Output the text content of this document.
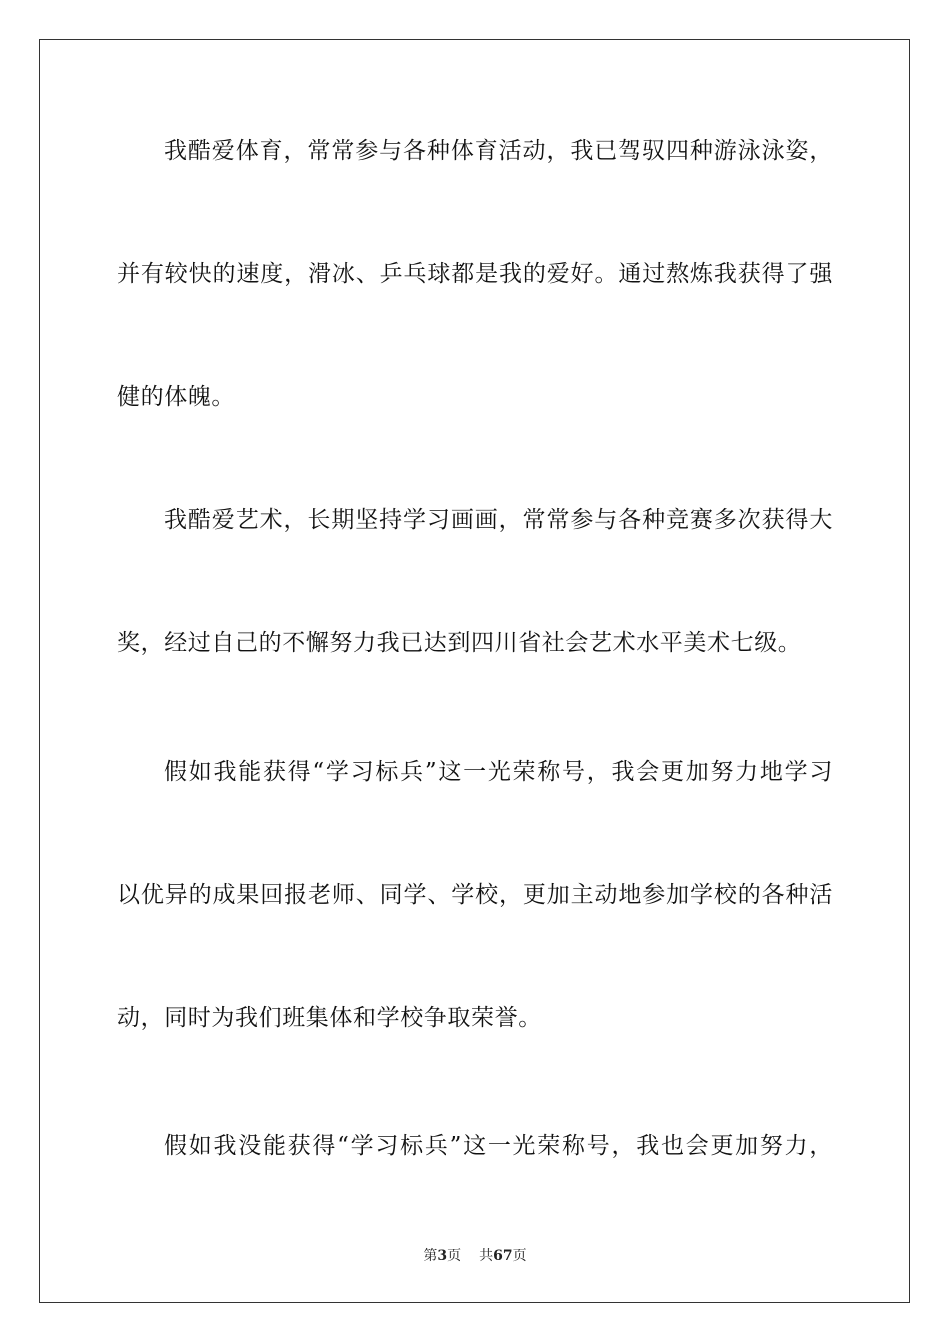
我酷爱体育，常常参与各种体育活动，我已驾驭四种游泳泳姿，
并有较快的速度，滑冰、乒乓球都是我的爱好。通过熬炼我获得了强
健的体魄。
我酷爱艺术，长期坚持学习画画，常常参与各种竞赛多次获得大
奖，经过自己的不懈努力我已达到四川省社会艺术水平美术七级。
假如我能获得“学习标兵”这一光荣称号，我会更加努力地学习
以优异的成果回报老师、同学、学校，更加主动地参加学校的各种活
动，同时为我们班集体和学校争取荣誉。
假如我没能获得“学习标兵”这一光荣称号，我也会更加努力，
第3页 共67页
